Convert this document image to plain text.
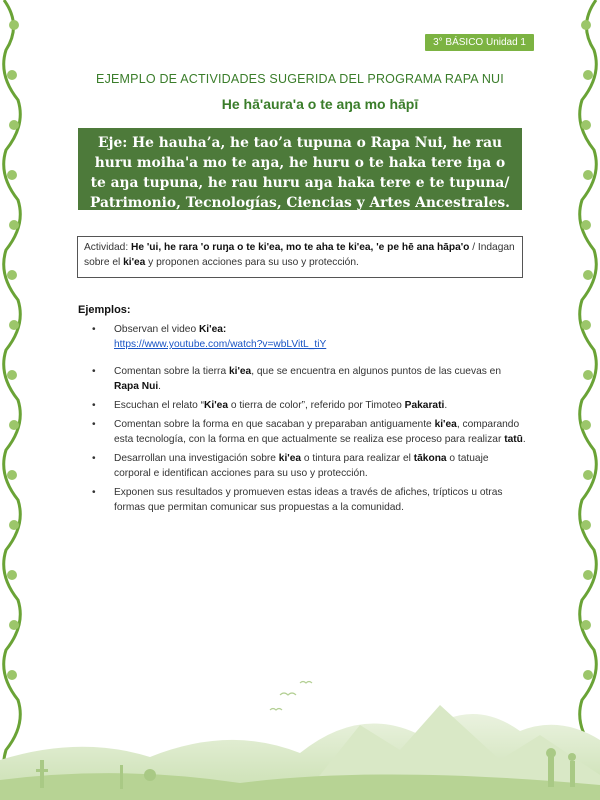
3° BÁSICO Unidad 1
EJEMPLO DE ACTIVIDADES SUGERIDA DEL PROGRAMA RAPA NUI
He hā'aura'a o te aŋa mo hāpī
Eje: He hauha’a, he tao’a tupuna o Rapa Nui, he rau huru moiha'a mo te aŋa, he huru o te haka tere iŋa o te aŋa tupuna, he rau huru aŋa haka tere e te tupuna/ Patrimonio, Tecnologías, Ciencias y Artes Ancestrales.
Actividad: He 'ui, he rara 'o ruŋa o te ki'ea, mo te aha te ki'ea, 'e pe hē ana hāpa'o / Indagan sobre el ki'ea y proponen acciones para su uso y protección.
Ejemplos:
• Observan el video Ki'ea:
https://www.youtube.com/watch?v=wbLVitL_tiY
• Comentan sobre la tierra ki'ea, que se encuentra en algunos puntos de las cuevas en Rapa Nui.
• Escuchan el relato “Ki'ea o tierra de color”, referido por Timoteo Pakarati.
• Comentan sobre la forma en que sacaban y preparaban antiguamente ki'ea, comparando esta tecnología, con la forma en que actualmente se realiza ese proceso para realizar tatū.
• Desarrollan una investigación sobre ki'ea o tintura para realizar el tākona o tatuaje corporal e identifican acciones para su uso y protección.
• Exponen sus resultados y promueven estas ideas a través de afiches, trípticos u otras formas que permitan comunicar sus propuestas a la comunidad.
